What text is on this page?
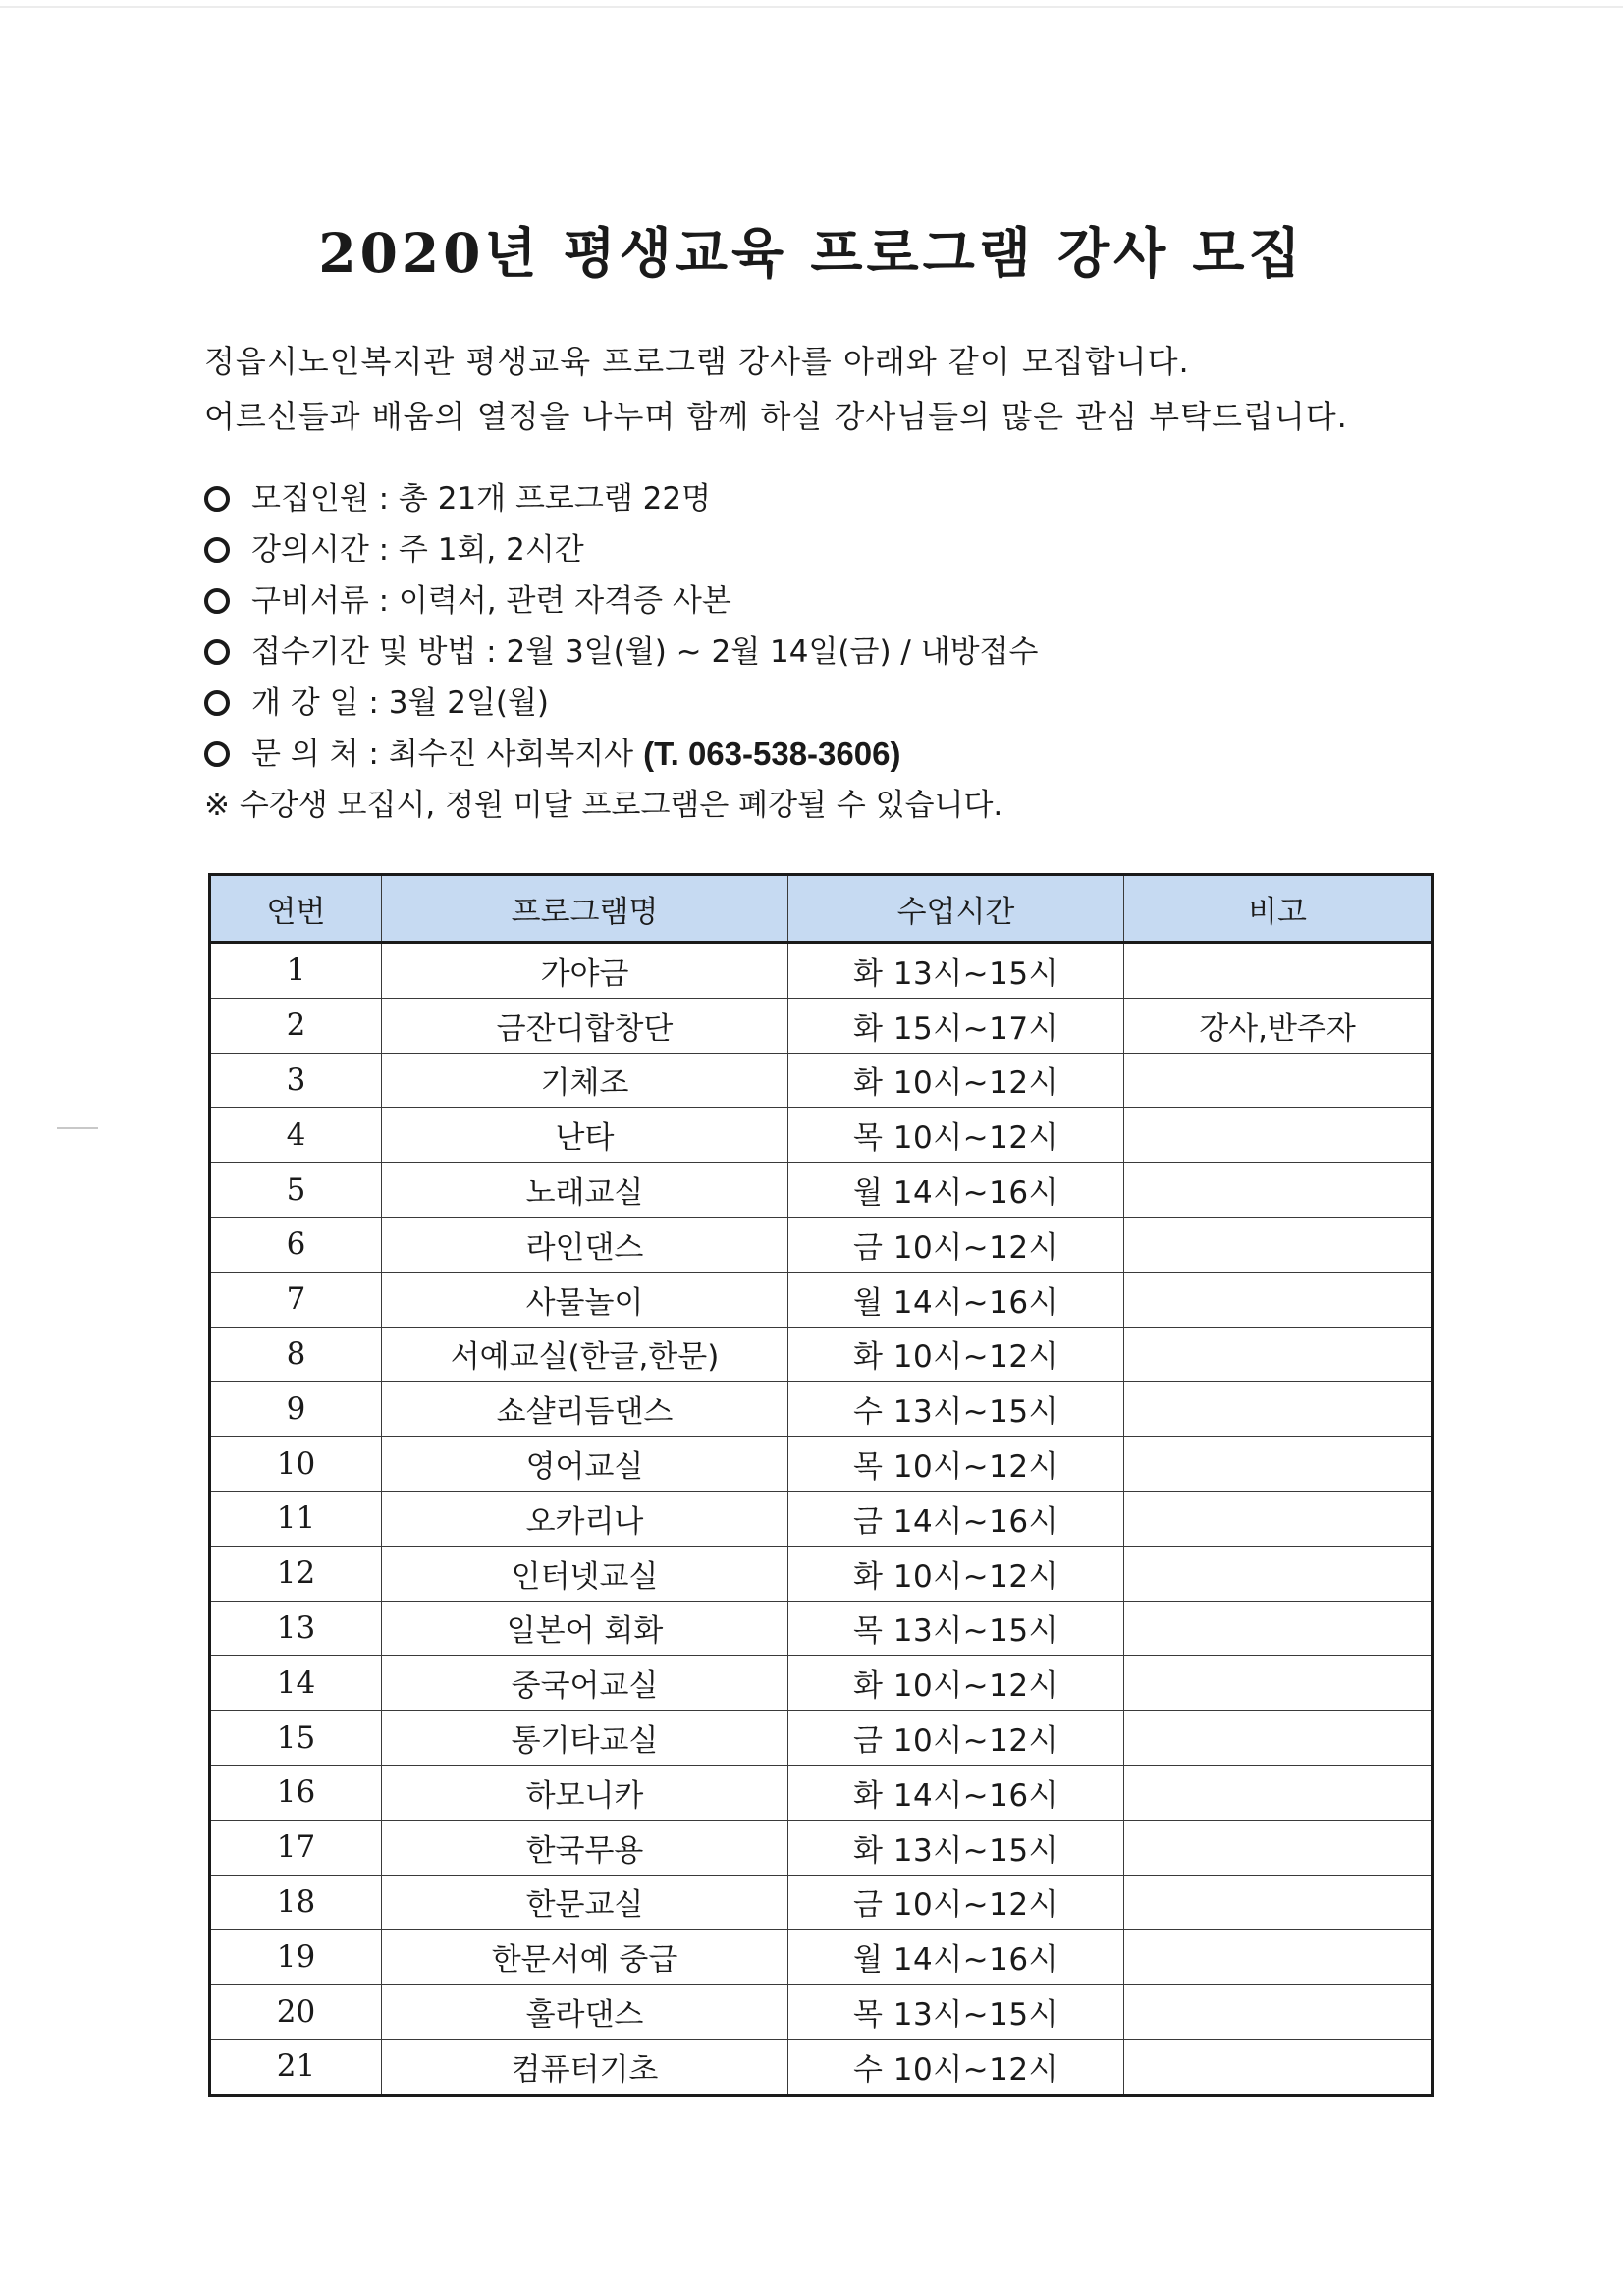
2020년 평생교육 프로그램 강사 모집

정읍시노인복지관 평생교육 프로그램 강사를 아래와 같이 모집합니다.

어르신들과 배움의 열정을 나누며 함께 하실 강사님들의 많은 관심 부탁드립니다.

모집인원 : 총 21개 프로그램 22명
강의시간 : 주 1회, 2시간
구비서류 : 이력서, 관련 자격증 사본
접수기간 및 방법 : 2월 3일(월) ~ 2월 14일(금) / 내방접수
개 강 일 : 3월 2일(월)
문 의 처 : 최수진 사회복지사 (T. 063-538-3606)
※ 수강생 모집시, 정원 미달 프로그램은 폐강될 수 있습니다.
연번	프로그램명	수업시간	비고
1	가야금	화 13시~15시	
2	금잔디합창단	화 15시~17시	강사,반주자
3	기체조	화 10시~12시	
4	난타	목 10시~12시	
5	노래교실	월 14시~16시	
6	라인댄스	금 10시~12시	
7	사물놀이	월 14시~16시	
8	서예교실(한글,한문)	화 10시~12시	
9	쇼샬리듬댄스	수 13시~15시	
10	영어교실	목 10시~12시	
11	오카리나	금 14시~16시	
12	인터넷교실	화 10시~12시	
13	일본어 회화	목 13시~15시	
14	중국어교실	화 10시~12시	
15	통기타교실	금 10시~12시	
16	하모니카	화 14시~16시	
17	한국무용	화 13시~15시	
18	한문교실	금 10시~12시	
19	한문서예 중급	월 14시~16시	
20	훌라댄스	목 13시~15시	
21	컴퓨터기초	수 10시~12시	
